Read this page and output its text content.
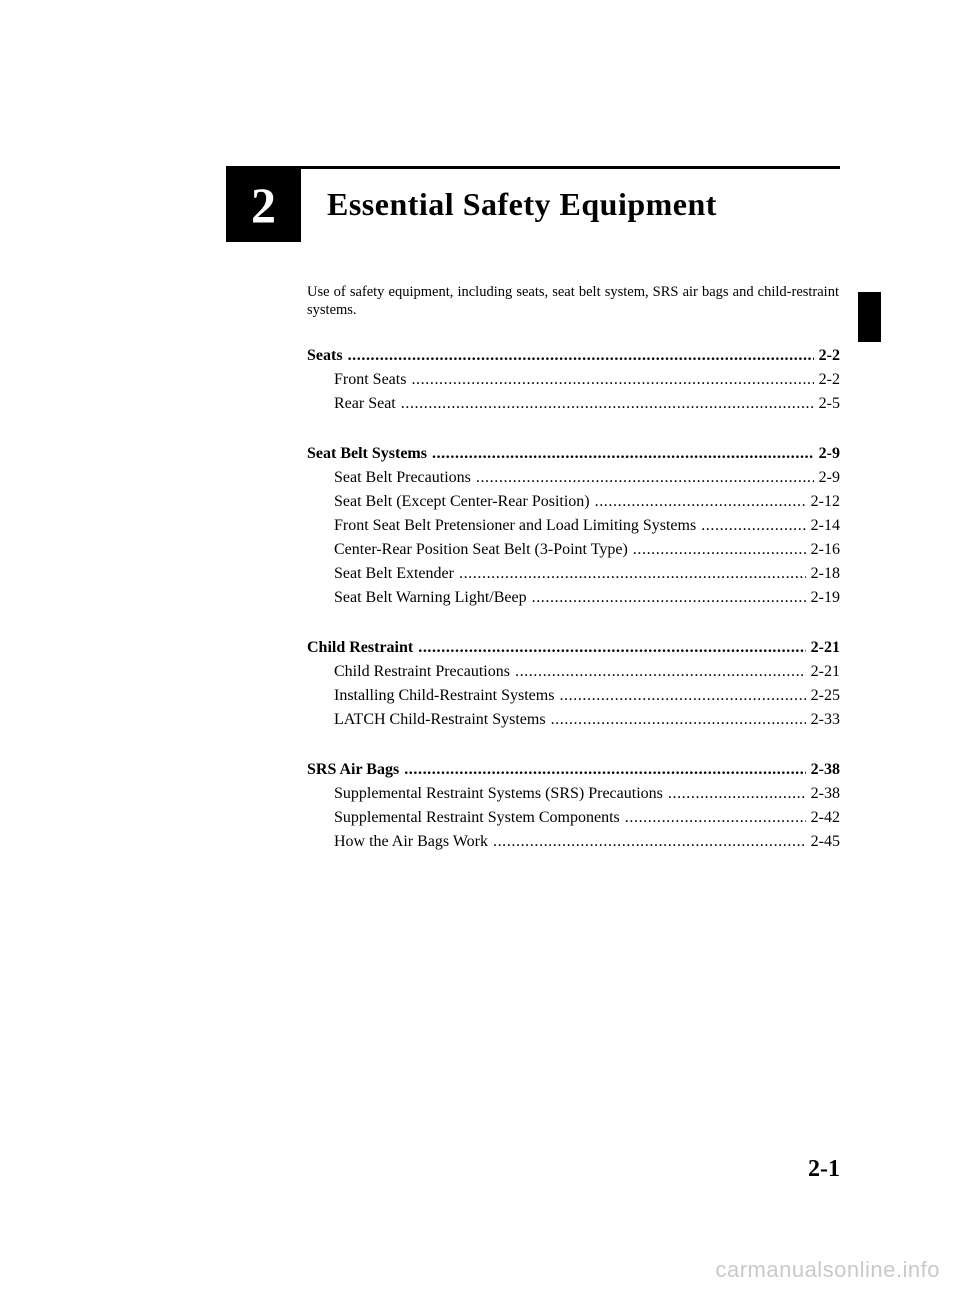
2	Essential Safety Equipment
Use of safety equipment, including seats, seat belt system, SRS air bags and child-restraint systems.
Seats .....	2-2
Front Seats .....	2-2
Rear Seat .....	2-5
Seat Belt Systems .....	2-9
Seat Belt Precautions .....	2-9
Seat Belt (Except Center-Rear Position) .....	2-12
Front Seat Belt Pretensioner and Load Limiting Systems .....	2-14
Center-Rear Position Seat Belt (3-Point Type) .....	2-16
Seat Belt Extender .....	2-18
Seat Belt Warning Light/Beep .....	2-19
Child Restraint .....	2-21
Child Restraint Precautions .....	2-21
Installing Child-Restraint Systems .....	2-25
LATCH Child-Restraint Systems .....	2-33
SRS Air Bags .....	2-38
Supplemental Restraint Systems (SRS) Precautions .....	2-38
Supplemental Restraint System Components .....	2-42
How the Air Bags Work .....	2-45
2-1
carmanualsonline.info
